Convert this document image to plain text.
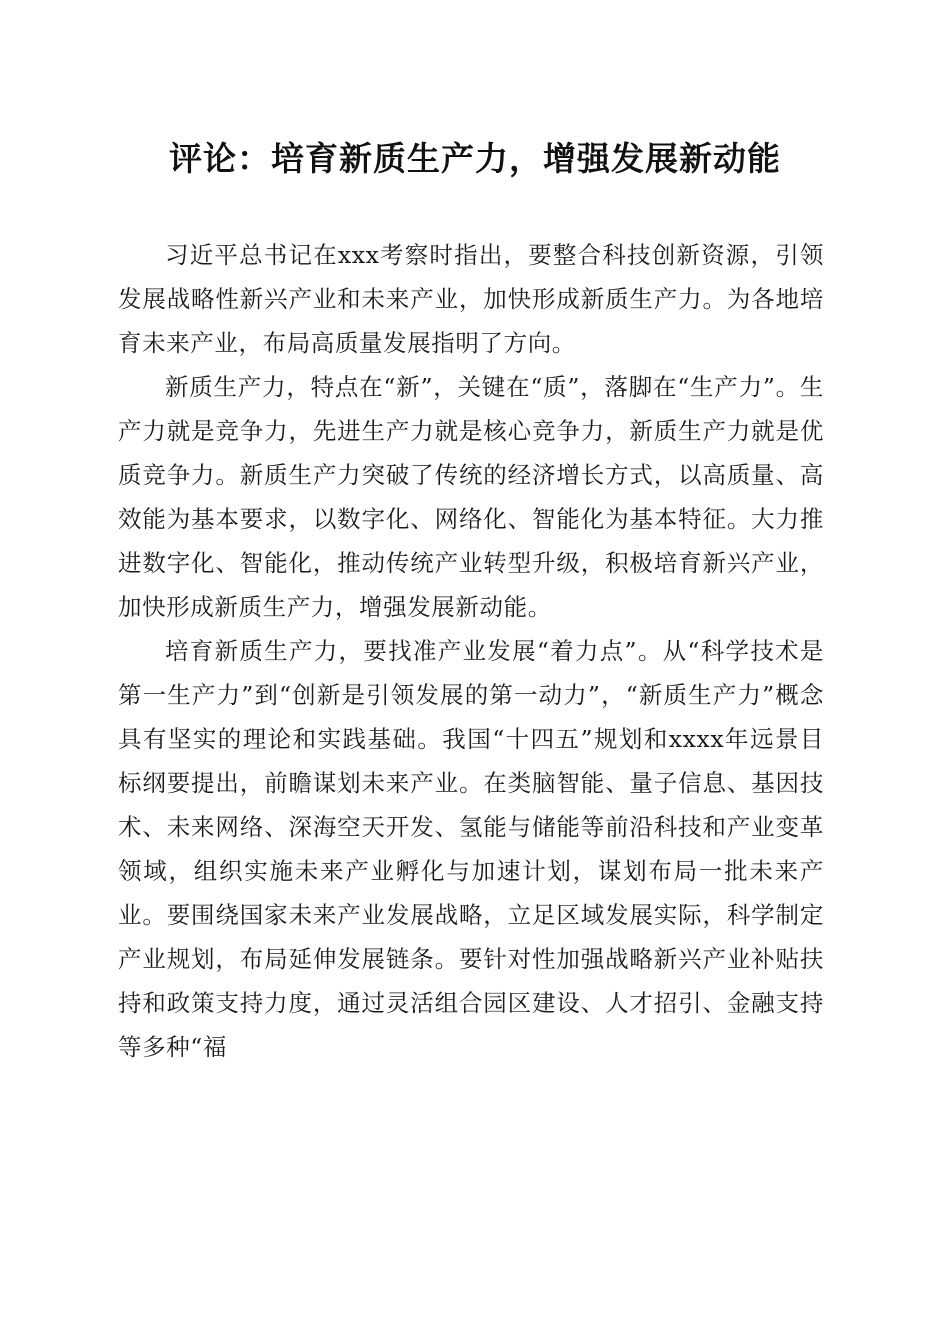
评论：培育新质生产力，增强发展新动能

习近平总书记在xxx考察时指出，要整合科技创新资源，引领发展战略性新兴产业和未来产业，加快形成新质生产力。为各地培育未来产业，布局高质量发展指明了方向。

新质生产力，特点在“新”，关键在“质”，落脚在“生产力”。生产力就是竞争力，先进生产力就是核心竞争力，新质生产力就是优质竞争力。新质生产力突破了传统的经济增长方式，以高质量、高效能为基本要求，以数字化、网络化、智能化为基本特征。大力推进数字化、智能化，推动传统产业转型升级，积极培育新兴产业，加快形成新质生产力，增强发展新动能。

培育新质生产力，要找准产业发展“着力点”。从“科学技术是第一生产力”到“创新是引领发展的第一动力”，“新质生产力”概念具有坚实的理论和实践基础。我国“十四五”规划和xxxx年远景目标纲要提出，前瞻谋划未来产业。在类脑智能、量子信息、基因技术、未来网络、深海空天开发、氢能与储能等前沿科技和产业变革领域，组织实施未来产业孵化与加速计划，谋划布局一批未来产业。要围绕国家未来产业发展战略，立足区域发展实际，科学制定产业规划，布局延伸发展链条。要针对性加强战略新兴产业补贴扶持和政策支持力度，通过灵活组合园区建设、人才招引、金融支持等多种“福
